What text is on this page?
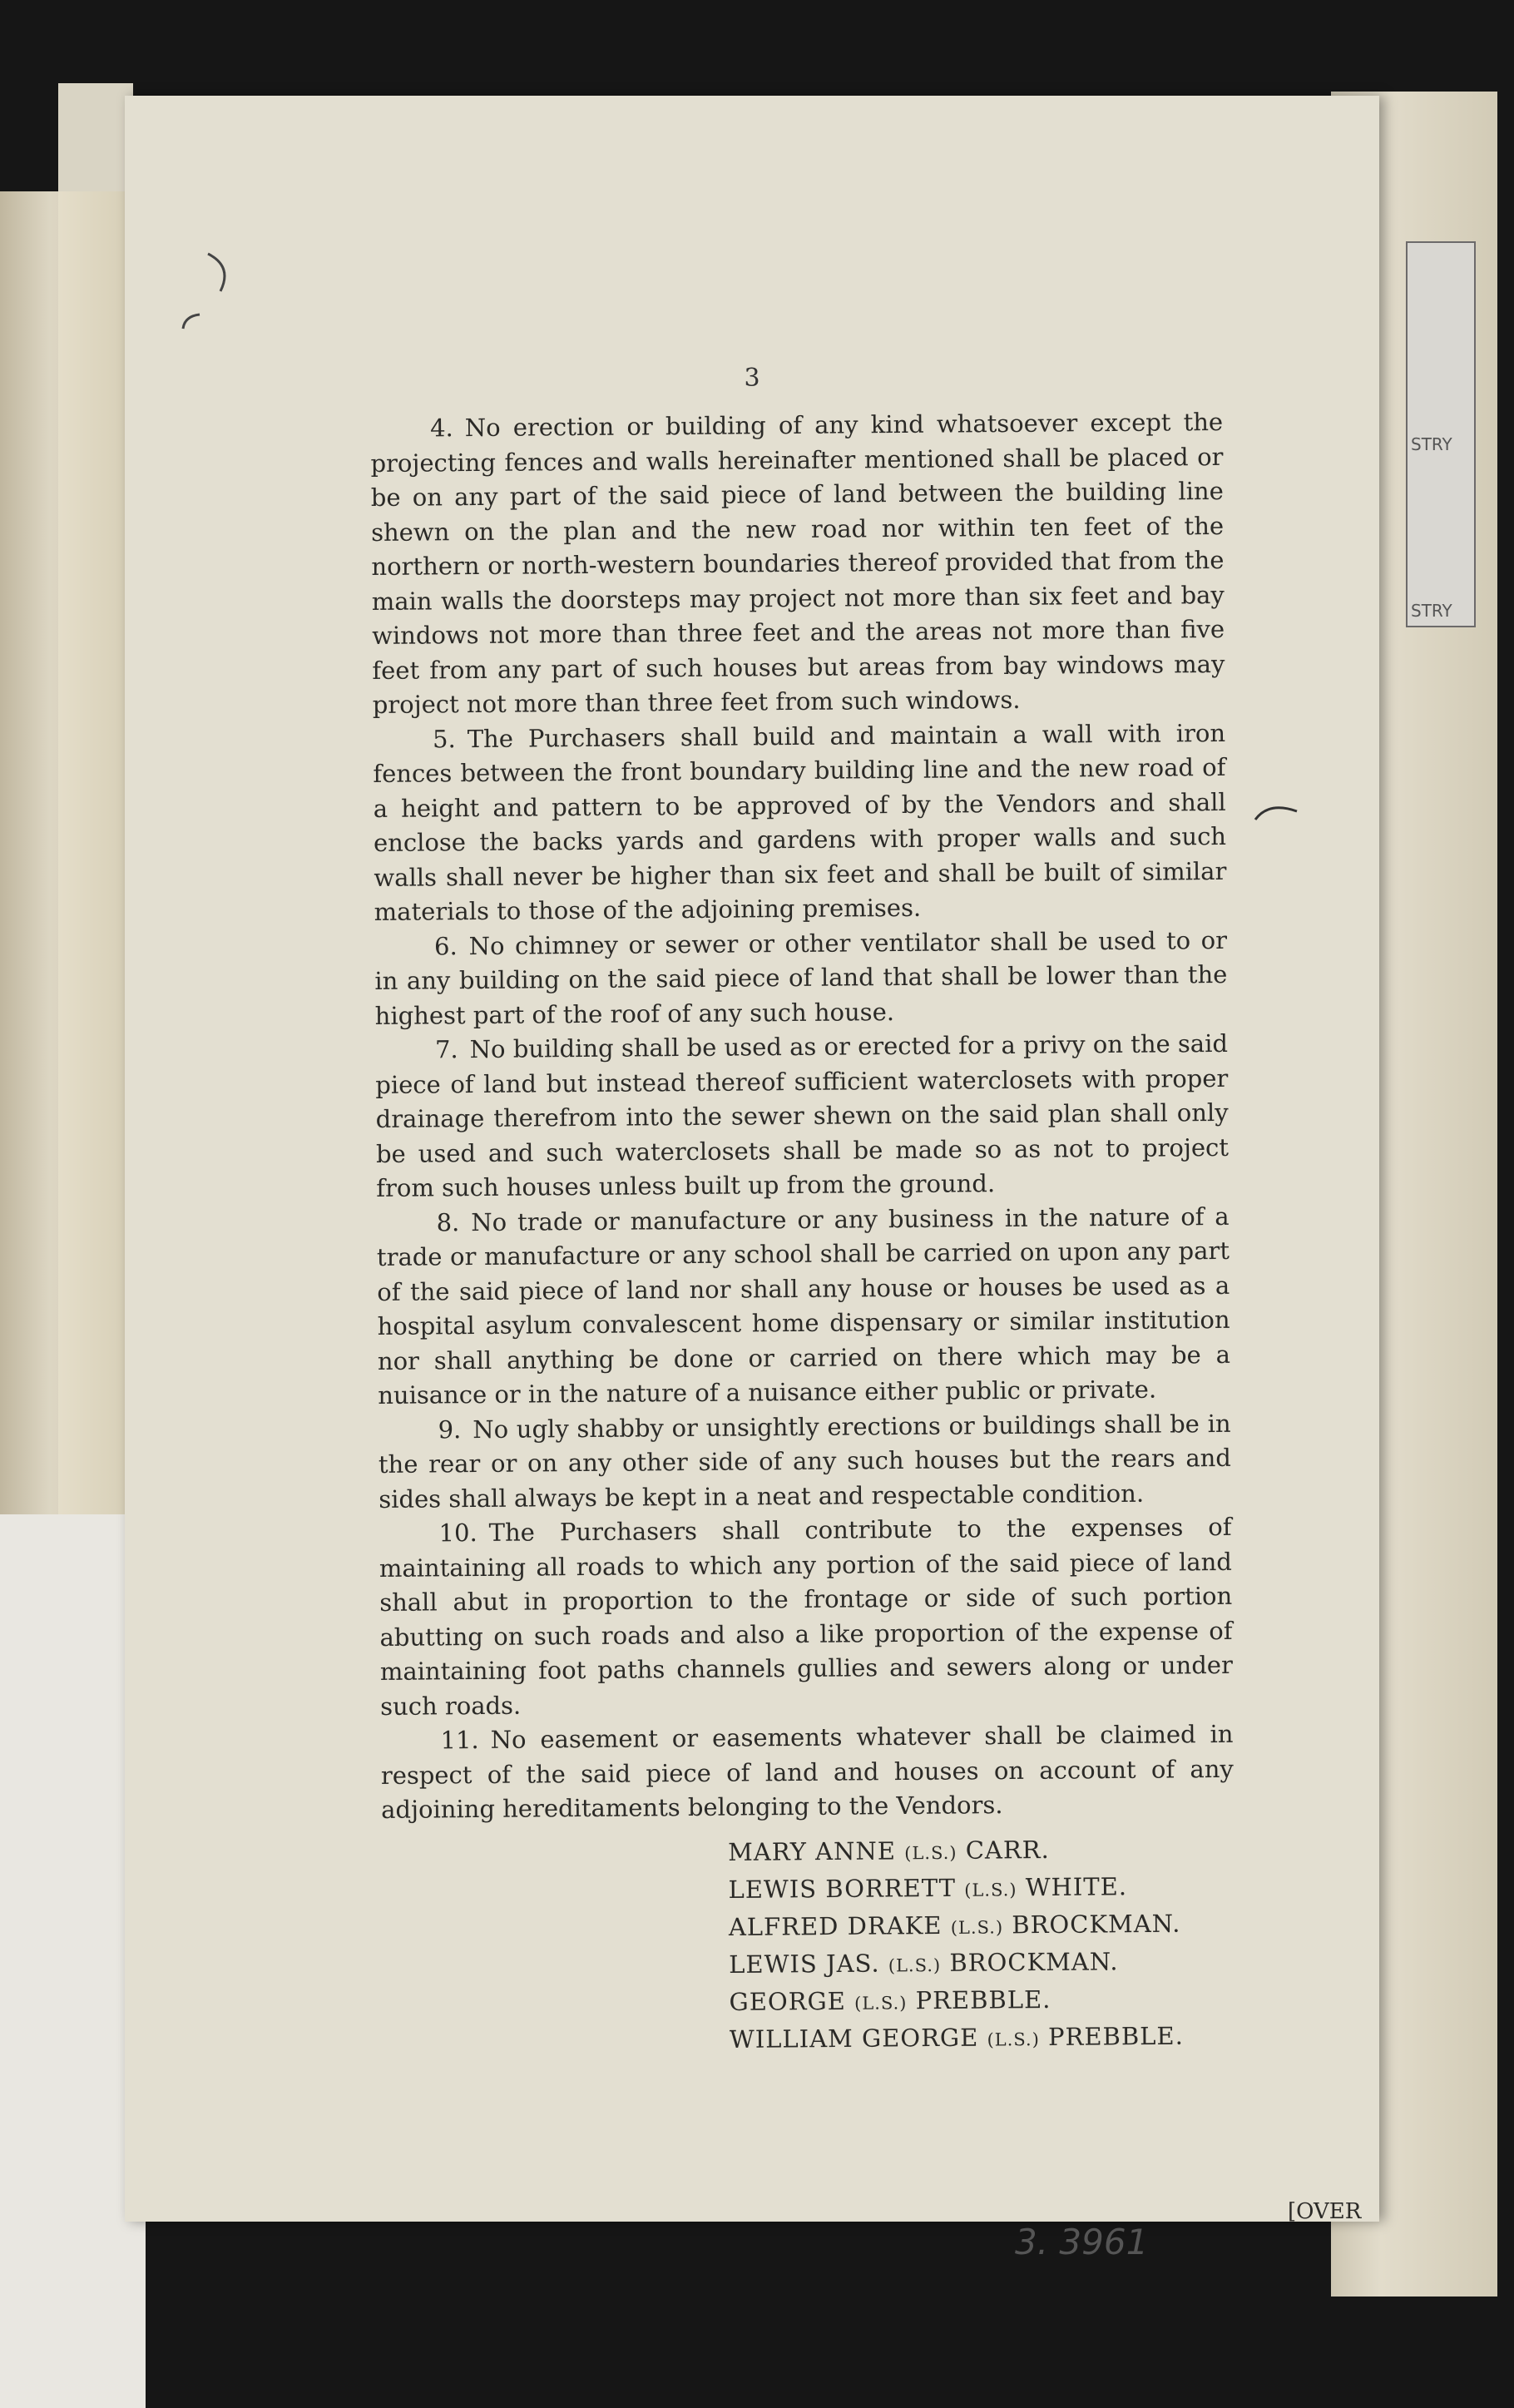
STRY
STRY
3

4. No erection or building of any kind whatsoever except the projecting fences and walls hereinafter mentioned shall be placed or be on any part of the said piece of land between the building line shewn on the plan and the new road nor within ten feet of the northern or north-western boundaries thereof provided that from the main walls the doorsteps may project not more than six feet and bay windows not more than three feet and the areas not more than five feet from any part of such houses but areas from bay windows may project not more than three feet from such windows.

5. The Purchasers shall build and maintain a wall with iron fences between the front boundary building line and the new road of a height and pattern to be approved of by the Vendors and shall enclose the backs yards and gardens with proper walls and such walls shall never be higher than six feet and shall be built of similar materials to those of the adjoining premises.

6. No chimney or sewer or other ventilator shall be used to or in any building on the said piece of land that shall be lower than the highest part of the roof of any such house.

7. No building shall be used as or erected for a privy on the said piece of land but instead thereof sufficient waterclosets with proper drainage therefrom into the sewer shewn on the said plan shall only be used and such waterclosets shall be made so as not to project from such houses unless built up from the ground.

8. No trade or manufacture or any business in the nature of a trade or manufacture or any school shall be carried on upon any part of the said piece of land nor shall any house or houses be used as a hospital asylum convalescent home dispensary or similar institution nor shall anything be done or carried on there which may be a nuisance or in the nature of a nuisance either public or private.

9. No ugly shabby or unsightly erections or buildings shall be in the rear or on any other side of any such houses but the rears and sides shall always be kept in a neat and respectable condition.

10. The Purchasers shall contribute to the expenses of maintaining all roads to which any portion of the said piece of land shall abut in proportion to the frontage or side of such portion abutting on such roads and also a like proportion of the expense of maintaining foot paths channels gullies and sewers along or under such roads.

11. No easement or easements whatever shall be claimed in respect of the said piece of land and houses on account of any adjoining hereditaments belonging to the Vendors.

MARY ANNE (L.S.) CARR.
LEWIS BORRETT (L.S.) WHITE.
ALFRED DRAKE (L.S.) BROCKMAN.
LEWIS JAS. (L.S.) BROCKMAN.
GEORGE (L.S.) PREBBLE.
WILLIAM GEORGE (L.S.) PREBBLE.
3. 3961
[OVER
